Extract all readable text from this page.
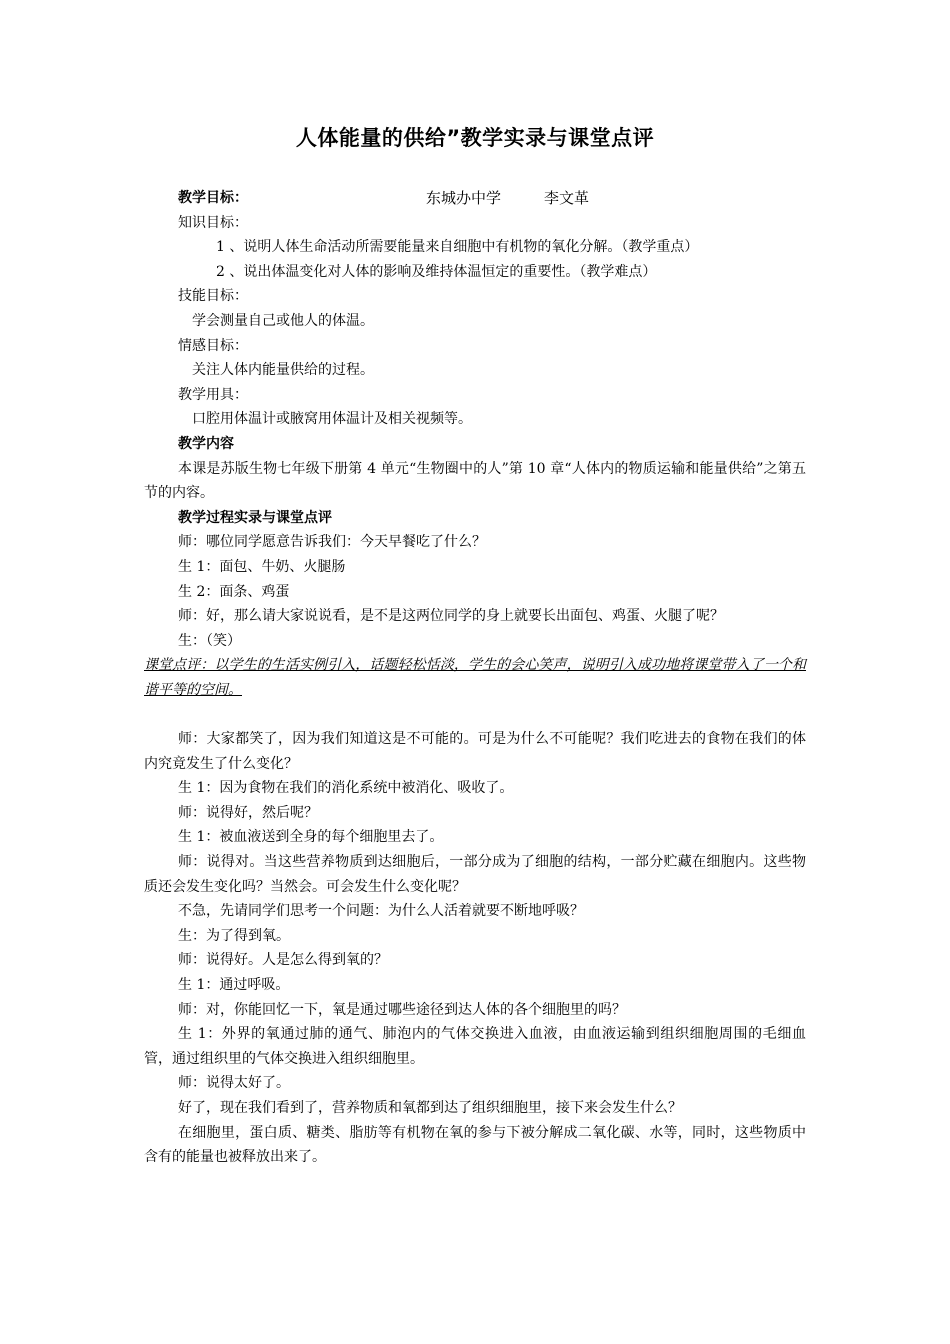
人体能量的供给”教学实录与课堂点评
教学目标：	东城办中学	李文革
知识目标：
1 、说明人体生命活动所需要能量来自细胞中有机物的氧化分解。（教学重点）
2 、说出体温变化对人体的影响及维持体温恒定的重要性。（教学难点）
技能目标：
学会测量自己或他人的体温。
情感目标：
关注人体内能量供给的过程。
教学用具：
口腔用体温计或腋窝用体温计及相关视频等。
教学内容
本课是苏版生物七年级下册第 4 单元“生物圈中的人”第 10 章“人体内的物质运输和能量供给”之第五节的内容。
教学过程实录与课堂点评
师：哪位同学愿意告诉我们：今天早餐吃了什么？
生 1：面包、牛奶、火腿肠
生 2：面条、鸡蛋
师：好，那么请大家说说看，是不是这两位同学的身上就要长出面包、鸡蛋、火腿了呢？
生：（笑）
课堂点评：以学生的生活实例引入，话题轻松恬淡，学生的会心笑声，说明引入成功地将课堂带入了一个和谐平等的空间。
师：大家都笑了，因为我们知道这是不可能的。可是为什么不可能呢？我们吃进去的食物在我们的体内究竟发生了什么变化？
生 1：因为食物在我们的消化系统中被消化、吸收了。
师：说得好，然后呢？
生 1：被血液送到全身的每个细胞里去了。
师：说得对。当这些营养物质到达细胞后，一部分成为了细胞的结构，一部分贮藏在细胞内。这些物质还会发生变化吗？当然会。可会发生什么变化呢？
不急，先请同学们思考一个问题：为什么人活着就要不断地呼吸？
生：为了得到氧。
师：说得好。人是怎么得到氧的？
生 1：通过呼吸。
师：对，你能回忆一下，氧是通过哪些途径到达人体的各个细胞里的吗？
生 1：外界的氧通过肺的通气、肺泡内的气体交换进入血液，由血液运输到组织细胞周围的毛细血管，通过组织里的气体交换进入组织细胞里。
师：说得太好了。
好了，现在我们看到了，营养物质和氧都到达了组织细胞里，接下来会发生什么？
在细胞里，蛋白质、糖类、脂肪等有机物在氧的参与下被分解成二氧化碳、水等，同时，这些物质中含有的能量也被释放出来了。
